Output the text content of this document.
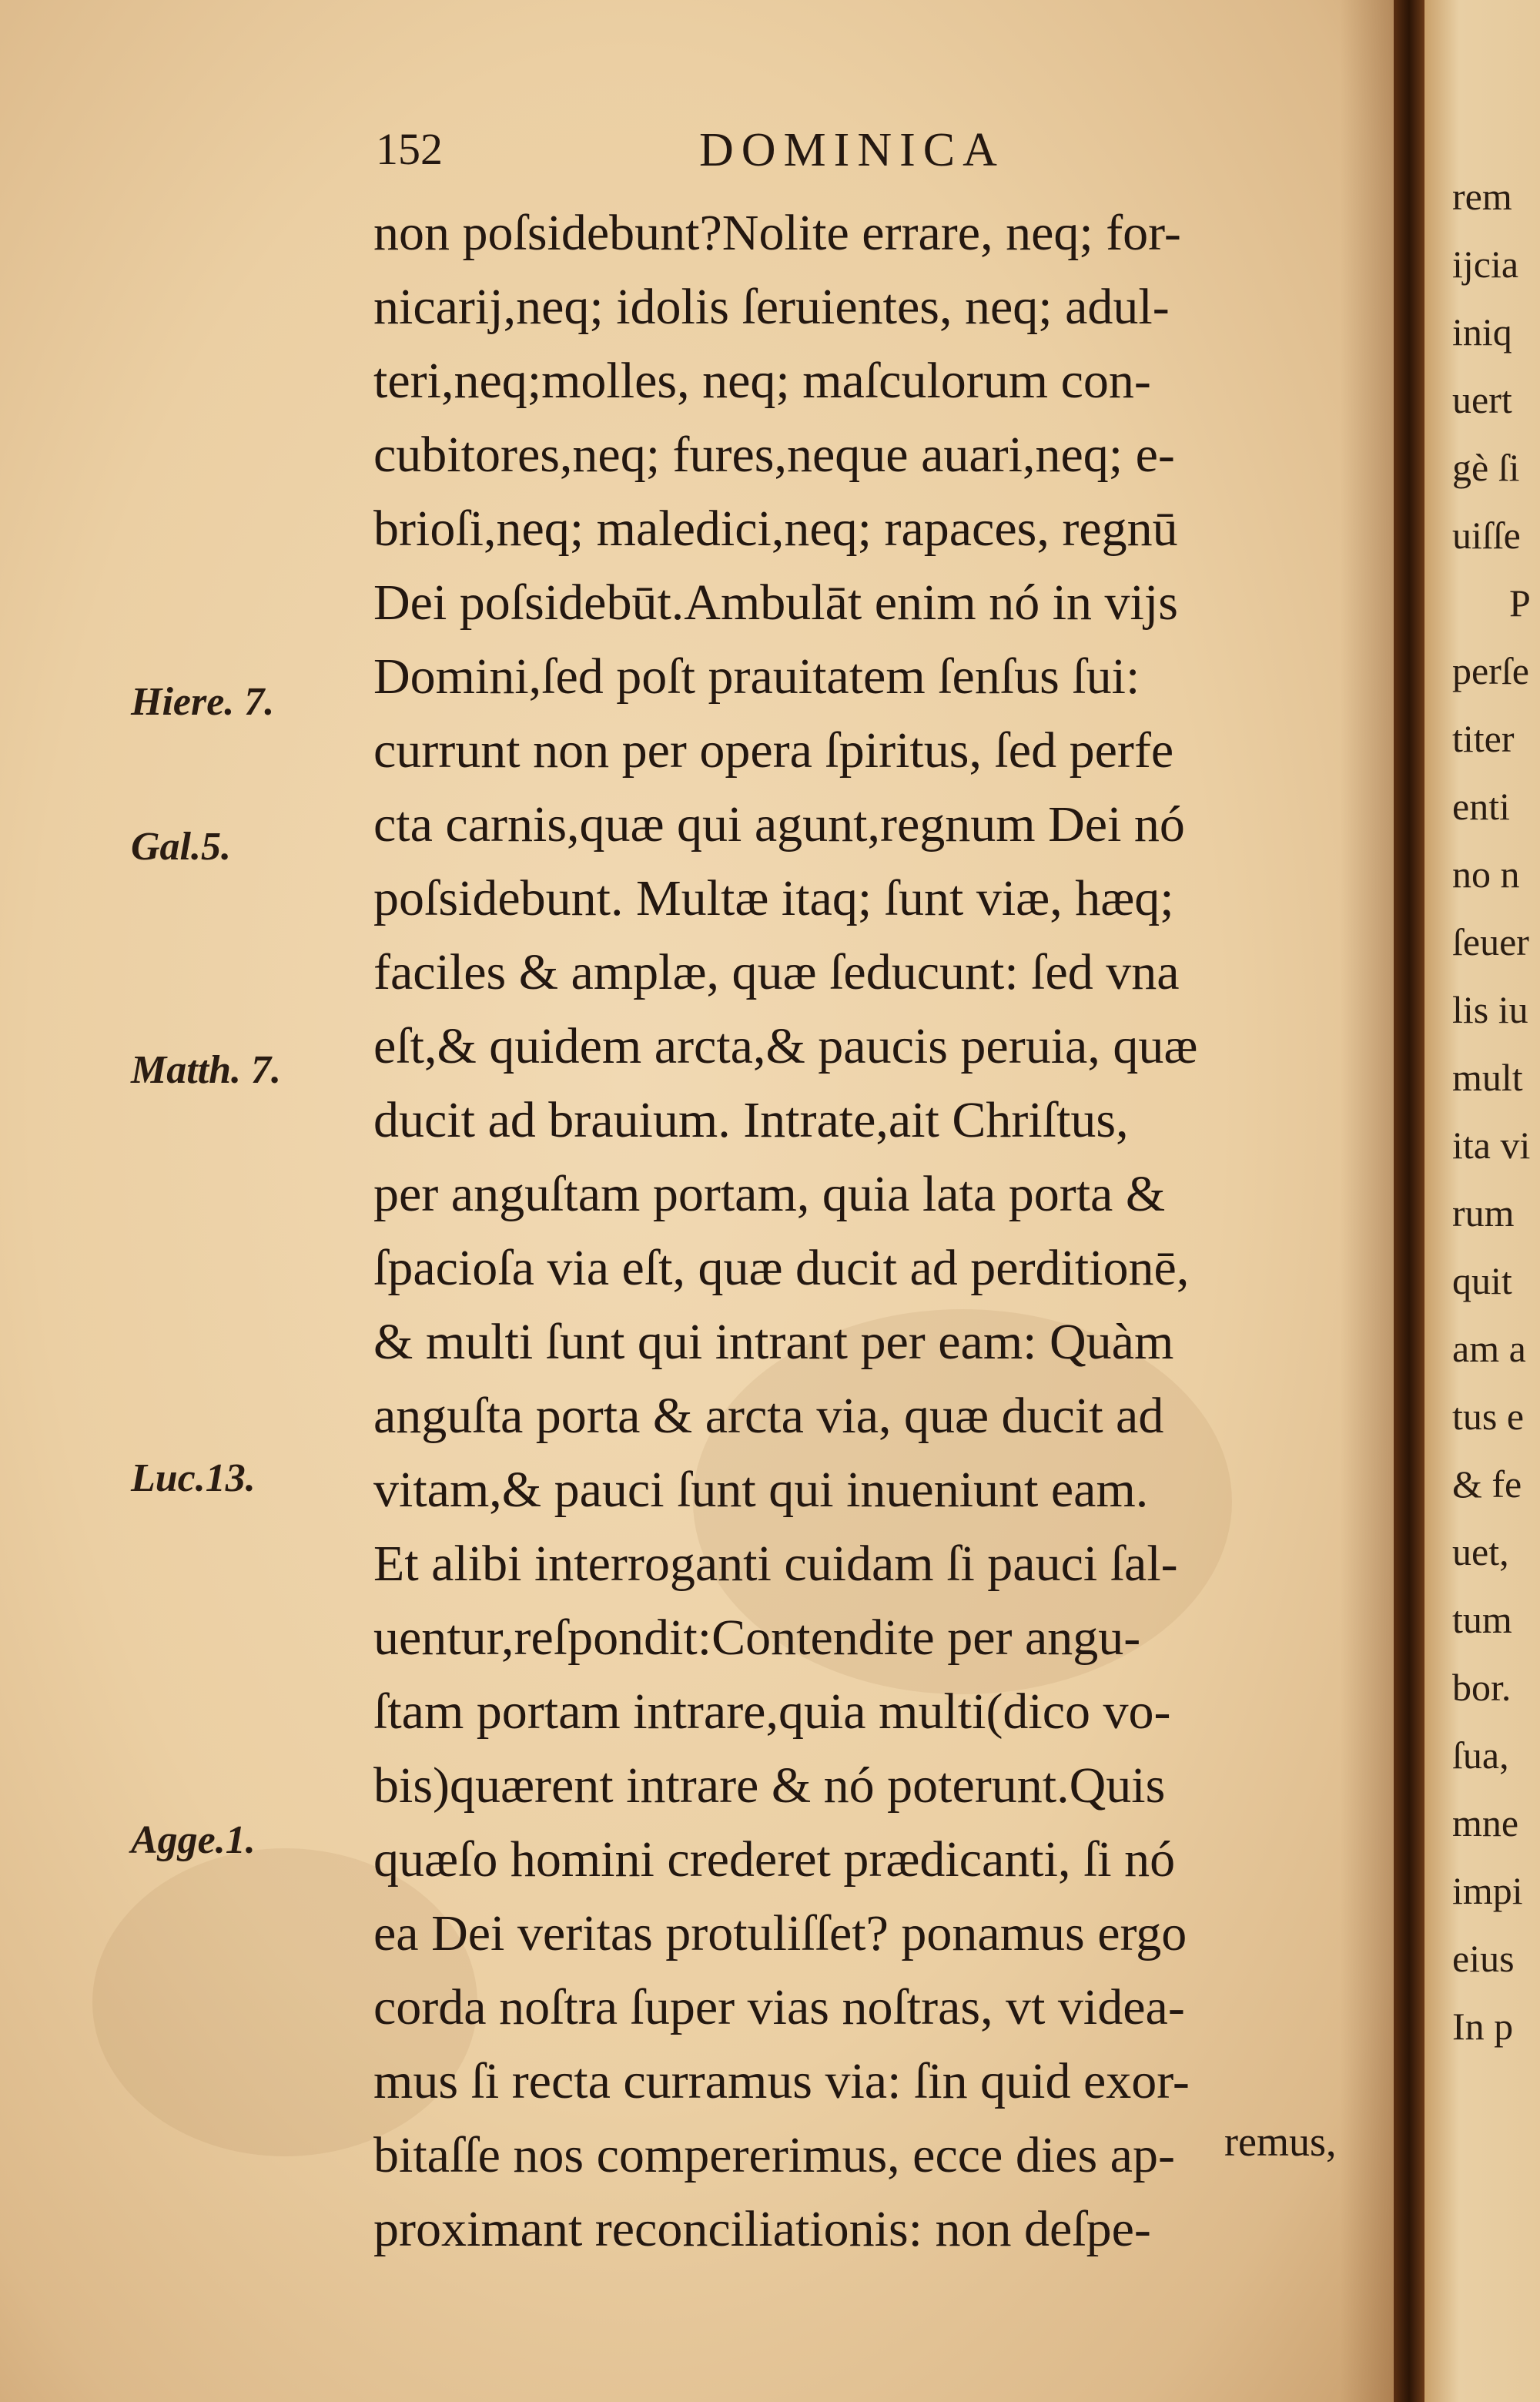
152	DOMINICA
non poſsidebunt?Nolite errare, neq; for-
nicarij,neq; idolis ſeruientes, neq; adul-
teri,neq;molles, neq; maſculorum con-
cubitores,neq; fures,neque auari,neq; e-
brioſi,neq; maledici,neq; rapaces, regnū
Dei poſsidebūt.Ambulāt enim nó in vijs
Domini,ſed poſt prauitatem ſenſus ſui:
currunt non per opera ſpiritus, ſed perfe
cta carnis,quæ qui agunt,regnum Dei nó
poſsidebunt. Multæ itaq; ſunt viæ, hæq;
faciles & amplæ, quæ ſeducunt: ſed vna
eſt,& quidem arcta,& paucis peruia, quæ
ducit ad brauium. Intrate,ait Chriſtus,
per anguſtam portam, quia lata porta &
ſpacioſa via eſt, quæ ducit ad perditionē,
& multi ſunt qui intrant per eam: Quàm
anguſta porta & arcta via, quæ ducit ad
vitam,& pauci ſunt qui inueniunt eam.
Et alibi interroganti cuidam ſi pauci ſal-
uentur,reſpondit:Contendite per angu-
ſtam portam intrare,quia multi(dico vo-
bis)quærent intrare & nó poterunt.Quis
quæſo homini crederet prædicanti, ſi nó
ea Dei veritas protuliſſet? ponamus ergo
corda noſtra ſuper vias noſtras, vt videa-
mus ſi recta curramus via: ſin quid exor-
bitaſſe nos compererimus, ecce dies ap-
proximant reconciliationis: non deſpe-
remus,
Hiere. 7.
Gal.5.
Matth. 7.
Luc.13.
Agge.1.
rem
ijcia
iniq
uert
gè ſi
uiſſe
P
perſe
titer
enti
no n
ſeuer
lis iu
mult
ita vi
rum
quit
am a
tus e
& fe
uet,
tum
bor.
ſua,
mne
impi
eius
In p
